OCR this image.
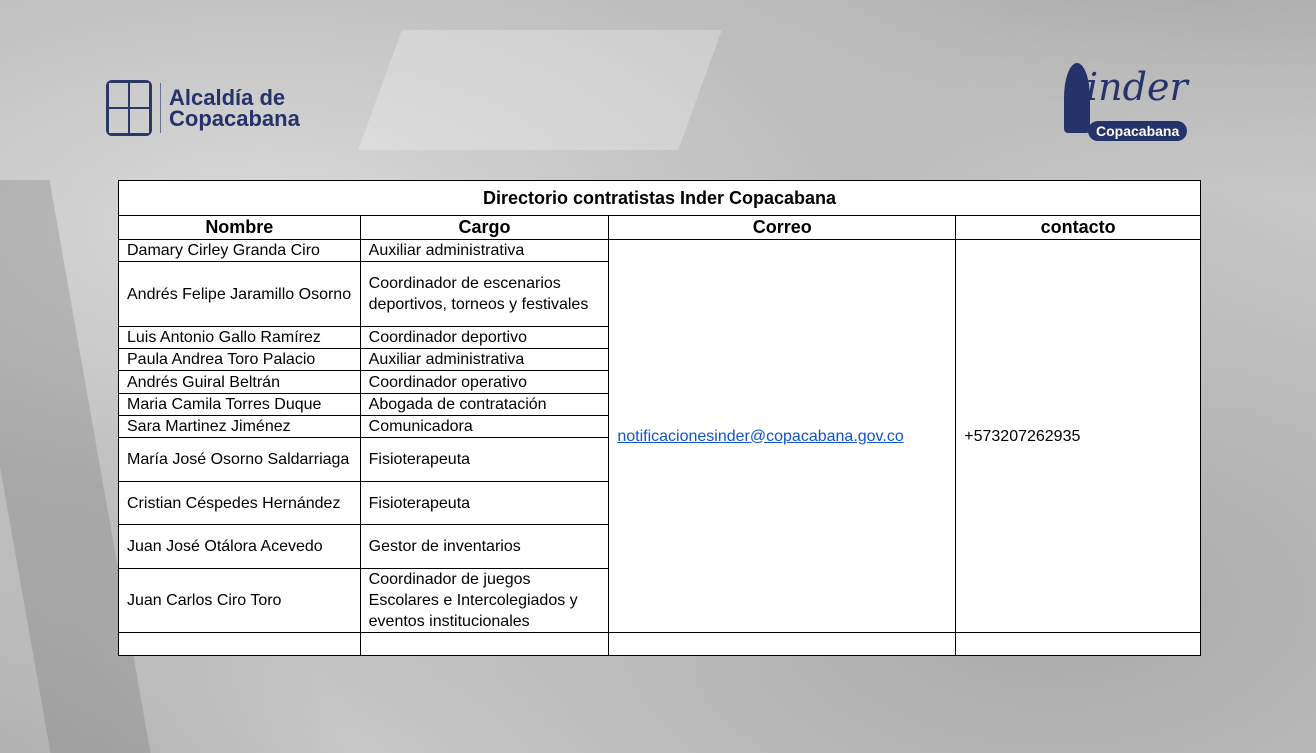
Alcaldía de
Copacabana
inder
Copacabana
Directorio contratistas Inder Copacabana			
Nombre	Cargo	Correo	contacto
Damary Cirley Granda Ciro	Auxiliar administrativa	notificacionesinder@copacabana.gov.co	+573207262935
Andrés Felipe Jaramillo Osorno	Coordinador de escenarios deportivos, torneos y festivales		
Luis Antonio Gallo Ramírez	Coordinador deportivo		
Paula Andrea Toro Palacio	Auxiliar administrativa		
Andrés Guiral Beltrán	Coordinador operativo		
Maria Camila Torres Duque	Abogada de contratación		
Sara Martinez Jiménez	Comunicadora		
María José Osorno Saldarriaga	Fisioterapeuta		
Cristian Céspedes Hernández	Fisioterapeuta		
Juan José Otálora Acevedo	Gestor de inventarios		
Juan Carlos Ciro Toro	Coordinador de juegos Escolares e Intercolegiados y eventos institucionales		
